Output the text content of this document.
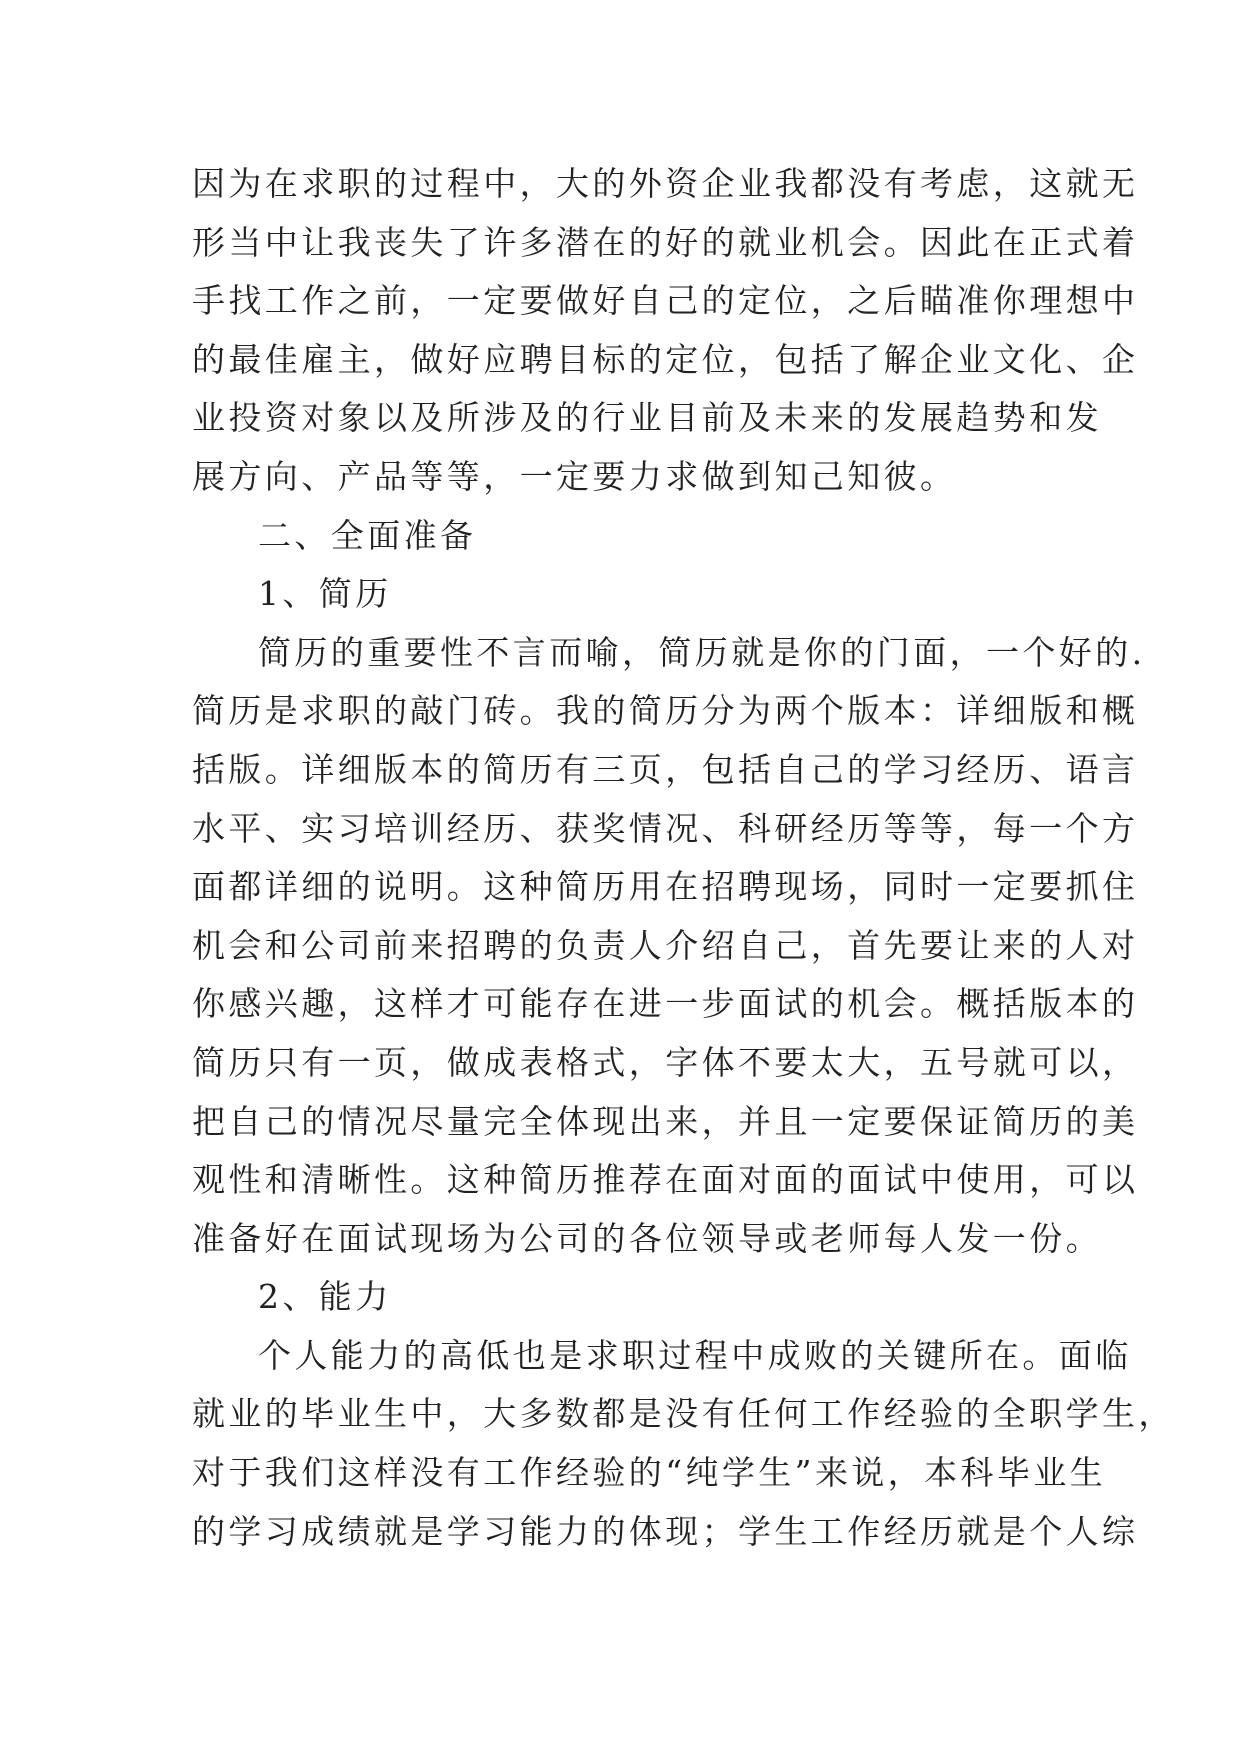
因为在求职的过程中，大的外资企业我都没有考虑，这就无
形当中让我丧失了许多潜在的好的就业机会。因此在正式着
手找工作之前，一定要做好自己的定位，之后瞄准你理想中
的最佳雇主，做好应聘目标的定位，包括了解企业文化、企
业投资对象以及所涉及的行业目前及未来的发展趋势和发
展方向、产品等等，一定要力求做到知己知彼。
二、全面准备
1、简历
简历的重要性不言而喻，简历就是你的门面，一个好的.
简历是求职的敲门砖。我的简历分为两个版本：详细版和概
括版。详细版本的简历有三页，包括自己的学习经历、语言
水平、实习培训经历、获奖情况、科研经历等等，每一个方
面都详细的说明。这种简历用在招聘现场，同时一定要抓住
机会和公司前来招聘的负责人介绍自己，首先要让来的人对
你感兴趣，这样才可能存在进一步面试的机会。概括版本的
简历只有一页，做成表格式，字体不要太大，五号就可以，
把自己的情况尽量完全体现出来，并且一定要保证简历的美
观性和清晰性。这种简历推荐在面对面的面试中使用，可以
准备好在面试现场为公司的各位领导或老师每人发一份。
2、能力
个人能力的高低也是求职过程中成败的关键所在。面临
就业的毕业生中，大多数都是没有任何工作经验的全职学生，
对于我们这样没有工作经验的“纯学生”来说，本科毕业生
的学习成绩就是学习能力的体现；学生工作经历就是个人综
